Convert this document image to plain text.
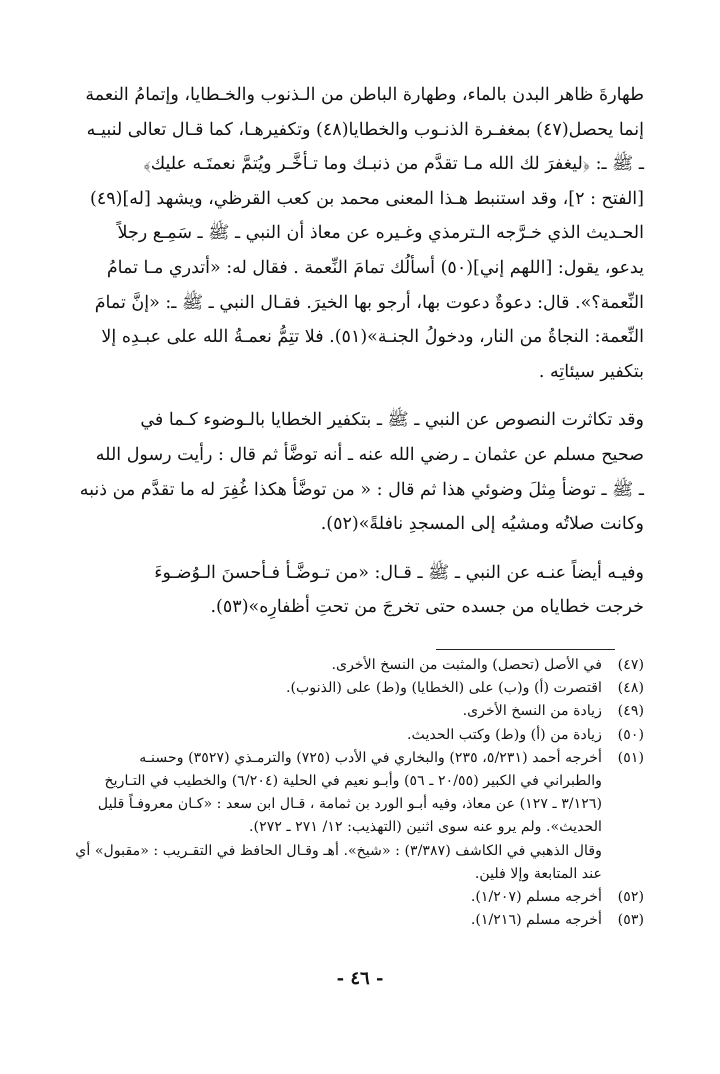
طهارةَ ظاهر البدن بالماء، وطهارة الباطن من الـذنوب والخـطايا، وإتمامُ النعمة
إنما يحصل(٤٧) بمغفـرة الذنـوب والخطايا(٤٨) وتكفيرهـا، كما قـال تعالى لنبيـه
ـ ﷺ ـ: ﴿ليغفرَ لك الله مـا تقدَّم من ذنبـك وما تـأخَّـر ويُتمَّ نعمتَـه عليك﴾
[الفتح : ٢]، وقد استنبط هـذا المعنى محمد بن كعب القرظي، ويشهد [له](٤٩)
الحـديث الذي خـرَّجه الـترمذي وغـيره عن معاذ أن النبي ـ ﷺ ـ سَمِـع رجلاً
يدعو، يقول: [اللهم إني](٥٠) أسألُك تمامَ النِّعمة . فقال له: «أتدري مـا تمامُ
النِّعمة؟». قال: دعوةٌ دعوت بها، أرجو بها الخيرَ. فقـال النبي ـ ﷺ ـ: «إنَّ تمامَ
النِّعمة: النجاةُ من النار، ودخولُ الجنـة»(٥١). فلا تتِمُّ نعمـةُ الله على عبـدِه إلا
بتكفير سيئاتِه .

وقد تكاثرت النصوص عن النبي ـ ﷺ ـ بتكفير الخطايا بالـوضوء كـما في
صحيح مسلم عن عثمان ـ رضي الله عنه ـ أنه توضَّأ ثم قال : رأيت رسول الله
ـ ﷺ ـ توضأ مِثلَ وضوئي هذا ثم قال : « من توضَّأ هكذا غُفِرَ له ما تقدَّم من ذنبه
وكانت صلاتُه ومشيُه إلى المسجدِ نافلةً»(٥٢).

وفيـه أيضاً عنـه عن النبي ـ ﷺ ـ قـال: «من تـوضَّـأ فـأحسنَ الـوُضـوءَ
خرجت خطاياه من جسده حتى تخرجَ من تحتِ أظفارِه»(٥٣).

(٤٧)
في الأصل (تحصل) والمثبت من النسخ الأخرى.
(٤٨)
اقتصرت (أ) و(ب) على (الخطايا) و(ط) على (الذنوب).
(٤٩)
زيادة من النسخ الأخرى.
(٥٠)
زيادة من (أ) و(ط) وكتب الحديث.
(٥١)
أخرجه أحمد (٥/٢٣١، ٢٣٥) والبخاري في الأدب (٧٢٥) والترمـذي (٣٥٢٧) وحسنـه
والطبراني في الكبير (٢٠/٥٥ ـ ٥٦) وأبـو نعيم في الحلية (٦/٢٠٤) والخطيب في التـاريخ
(٣/١٢٦ ـ ١٢٧) عن معاذ، وفيه أبـو الورد بن ثمامة ، قـال ابن سعد : «كـان معروفـاً قليل
الحديث». ولم يرو عنه سوى اثنين (التهذيب: ١٢/ ٢٧١ ـ ٢٧٢).
وقال الذهبي في الكاشف (٣/٣٨٧) : «شيخ». أهـ وقـال الحافظ في التقـريب : «مقبول» أي
عند المتابعة وإلا فلين.
(٥٢)
أخرجه مسلم (١/٢٠٧).
(٥٣)
أخرجه مسلم (١/٢١٦).
- ٤٦ -
